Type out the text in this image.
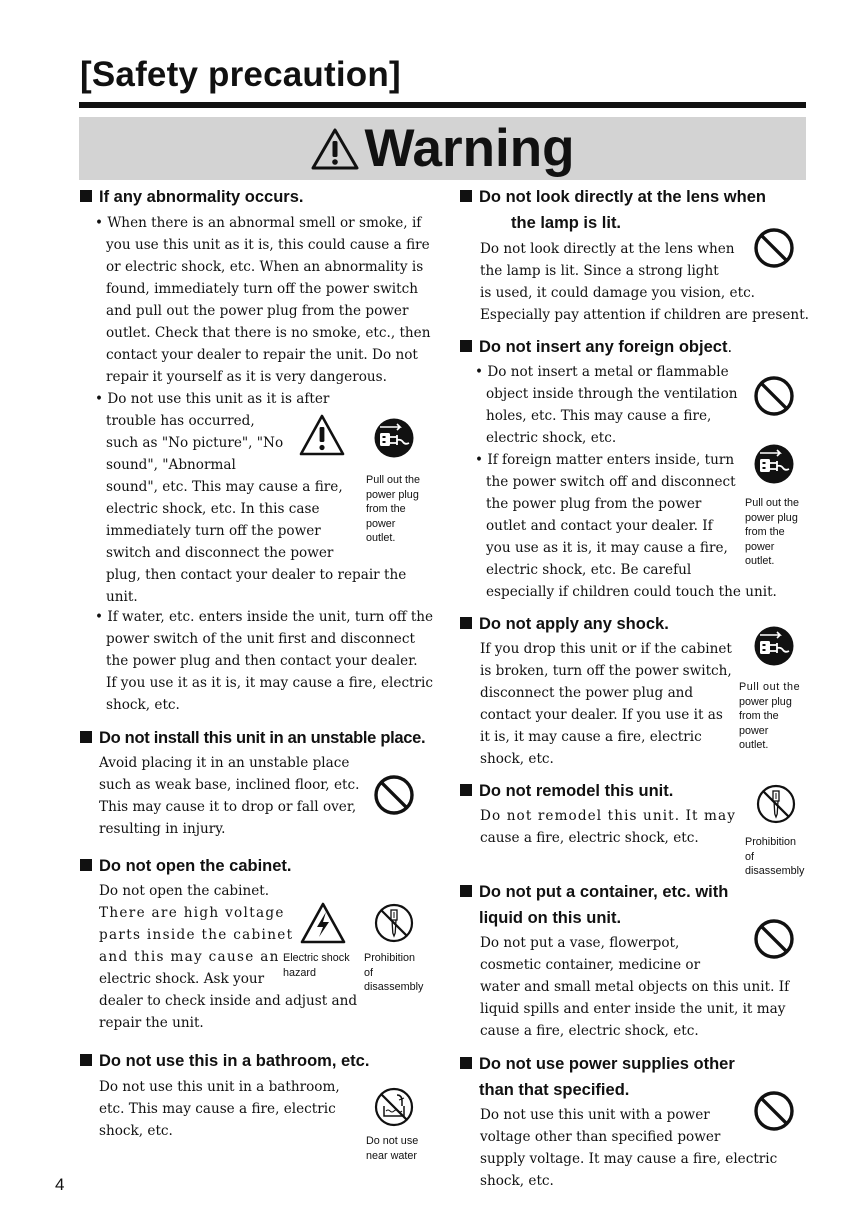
[Safety precaution]
Warning
If any abnormality occurs.
• When there is an abnormal smell or smoke, if
you use this unit as it is, this could cause a fire
or electric shock, etc. When an abnormality is
found, immediately turn off the power switch
and pull out the power plug from the power
outlet. Check that there is no smoke, etc., then
contact your dealer to repair the unit. Do not
repair it yourself as it is very dangerous.
• Do not use this unit as it is after
trouble has occurred,
such as "No picture", "No
sound", "Abnormal
sound", etc. This may cause a fire,
electric shock, etc. In this case
immediately turn off the power
switch and disconnect the power
plug, then contact your dealer to repair the
unit.
Pull out the
power plug
from the
power
outlet.
• If water, etc. enters inside the unit, turn off the
power switch of the unit first and disconnect
the power plug and then contact your dealer.
If you use it as it is, it may cause a fire, electric
shock, etc.
Do not install this unit in an unstable place.
Avoid placing it in an unstable place
such as weak base, inclined floor, etc.
This may cause it to drop or fall over,
resulting in injury.
Do not open the cabinet.
Do not open the cabinet.
There are high voltage
parts inside the cabinet
and this may cause an
electric shock. Ask your
dealer to check inside and adjust and
repair the unit.
Electric shock
hazard
Prohibition
of
disassembly
Do not use this in a bathroom, etc.
Do not use this unit in a bathroom,
etc. This may cause a fire, electric
shock, etc.
Do not use
near water
4
Do not look directly at the lens when
the lamp is lit.
Do not look directly at the lens when
the lamp is lit. Since a strong light
is used, it could damage you vision, etc.
Especially pay attention if children are present.
Do not insert any foreign object.
• Do not insert a metal or flammable
object inside through the ventilation
holes, etc. This may cause a fire,
electric shock, etc.
• If foreign matter enters inside, turn
the power switch off and disconnect
the power plug from the power
outlet and contact your dealer. If
you use as it is, it may cause a fire,
electric shock, etc. Be careful
especially if children could touch the unit.
Pull out the
power plug
from the
power
outlet.
Do not apply any shock.
If you drop this unit or if the cabinet
is broken, turn off the power switch,
disconnect the power plug and
contact your dealer. If you use it as
it is, it may cause a fire, electric
shock, etc.
Pull out the
power plug
from the
power
outlet.
Do not remodel this unit.
Do not remodel this unit. It may
cause a fire, electric shock, etc.	Prohibition
of
disassembly
Do not put a container, etc. with
liquid on this unit.
Do not put a vase, flowerpot,
cosmetic container, medicine or
water and small metal objects on this unit. If
liquid spills and enter inside the unit, it may
cause a fire, electric shock, etc.
Do not use power supplies other
than that specified.
Do not use this unit with a power
voltage other than specified power
supply voltage. It may cause a fire, electric
shock, etc.
